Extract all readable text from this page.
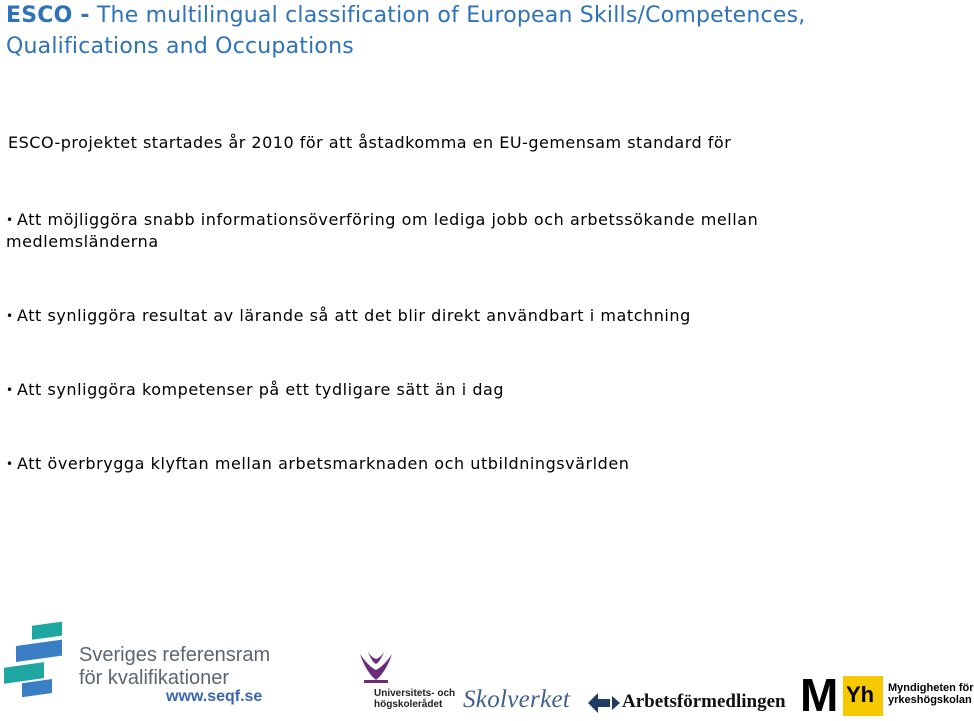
ESCO - The multilingual classification of European Skills/Competences, Qualifications and Occupations
ESCO-projektet startades år 2010 för att åstadkomma en EU-gemensam standard för
• Att möjliggöra snabb informationsöverföring om lediga jobb och arbetssökande mellan medlemsländerna
• Att synliggöra resultat av lärande så att det blir direkt användbart i matchning
• Att synliggöra kompetenser på ett tydligare sätt än i dag
• Att överbrygga klyftan mellan arbetsmarknaden och utbildningsvärlden
Sveriges referensram
för kvalifikationer
www.seqf.se	Universitets- och
högskolerådet Skolverket	Arbetsförmedlingen M Yh Myndigheten för
yrkeshögskolan
